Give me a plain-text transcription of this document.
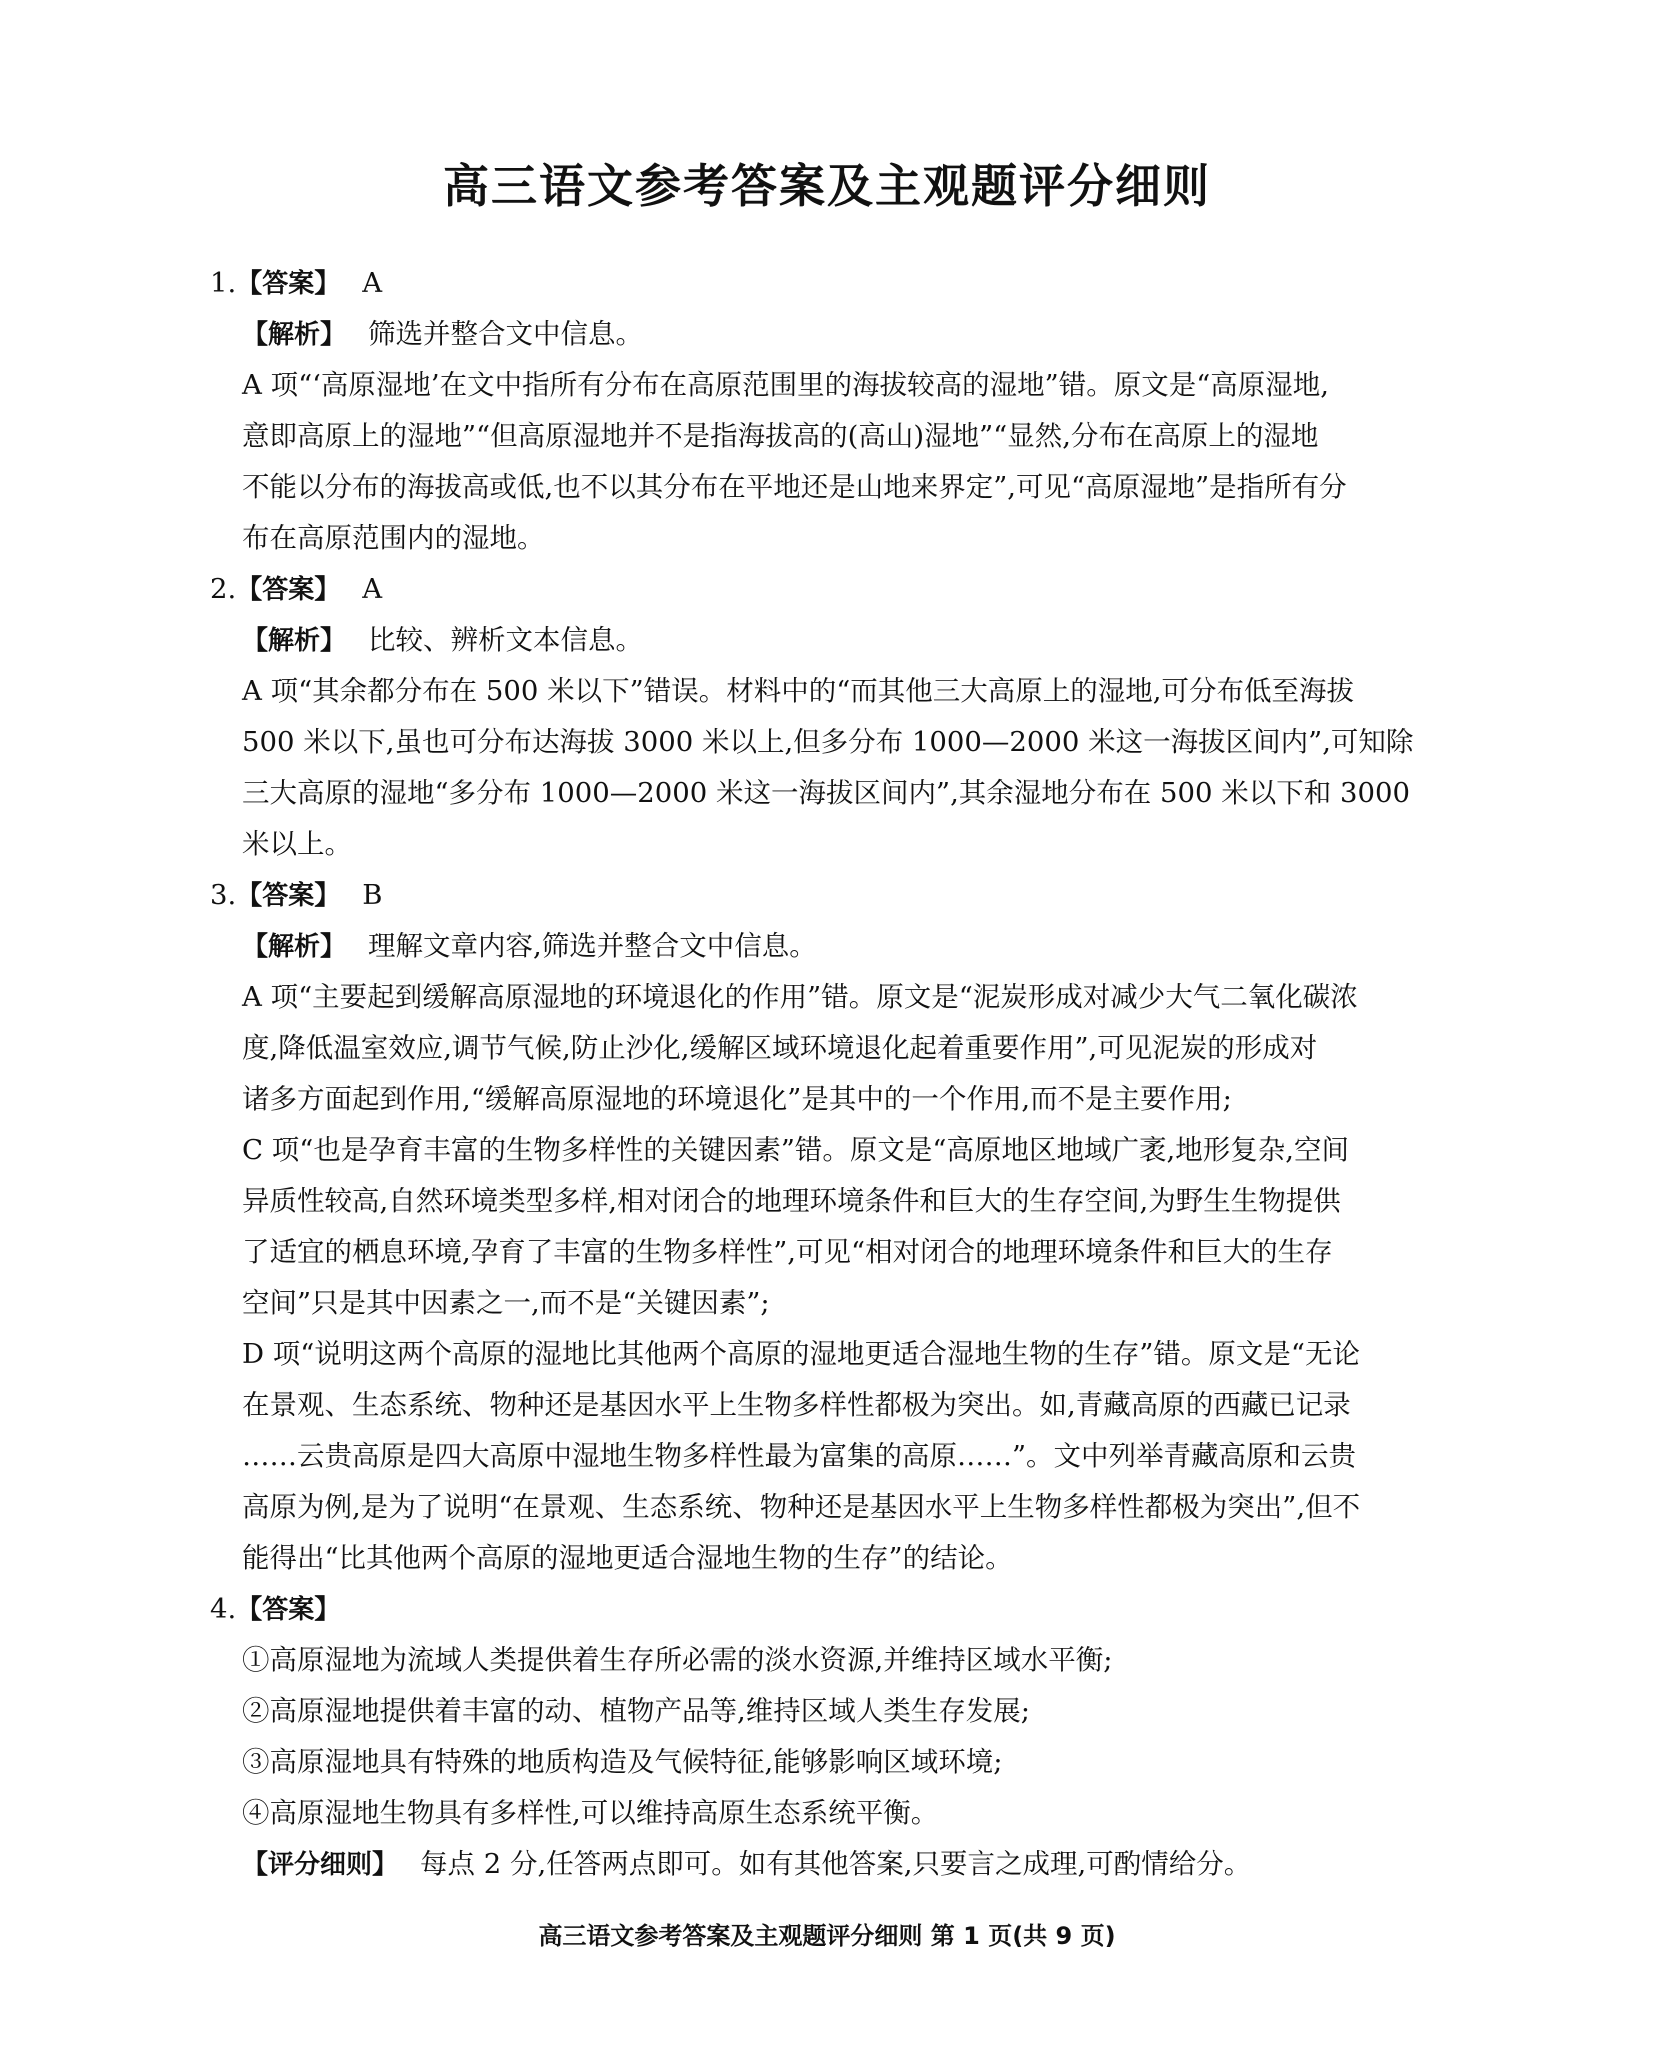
高三语文参考答案及主观题评分细则
1.【答案】 A
【解析】 筛选并整合文中信息。
A 项“‘高原湿地’在文中指所有分布在高原范围里的海拔较高的湿地”错。原文是“高原湿地,
意即高原上的湿地”“但高原湿地并不是指海拔高的(高山)湿地”“显然,分布在高原上的湿地
不能以分布的海拔高或低,也不以其分布在平地还是山地来界定”,可见“高原湿地”是指所有分
布在高原范围内的湿地。
2.【答案】 A
【解析】 比较、辨析文本信息。
A 项“其余都分布在 500 米以下”错误。材料中的“而其他三大高原上的湿地,可分布低至海拔
500 米以下,虽也可分布达海拔 3000 米以上,但多分布 1000—2000 米这一海拔区间内”,可知除
三大高原的湿地“多分布 1000—2000 米这一海拔区间内”,其余湿地分布在 500 米以下和 3000
米以上。
3.【答案】 B
【解析】 理解文章内容,筛选并整合文中信息。
A 项“主要起到缓解高原湿地的环境退化的作用”错。原文是“泥炭形成对减少大气二氧化碳浓
度,降低温室效应,调节气候,防止沙化,缓解区域环境退化起着重要作用”,可见泥炭的形成对
诸多方面起到作用,“缓解高原湿地的环境退化”是其中的一个作用,而不是主要作用;
C 项“也是孕育丰富的生物多样性的关键因素”错。原文是“高原地区地域广袤,地形复杂,空间
异质性较高,自然环境类型多样,相对闭合的地理环境条件和巨大的生存空间,为野生生物提供
了适宜的栖息环境,孕育了丰富的生物多样性”,可见“相对闭合的地理环境条件和巨大的生存
空间”只是其中因素之一,而不是“关键因素”;
D 项“说明这两个高原的湿地比其他两个高原的湿地更适合湿地生物的生存”错。原文是“无论
在景观、生态系统、物种还是基因水平上生物多样性都极为突出。如,青藏高原的西藏已记录
……云贵高原是四大高原中湿地生物多样性最为富集的高原……”。文中列举青藏高原和云贵
高原为例,是为了说明“在景观、生态系统、物种还是基因水平上生物多样性都极为突出”,但不
能得出“比其他两个高原的湿地更适合湿地生物的生存”的结论。
4.【答案】
①高原湿地为流域人类提供着生存所必需的淡水资源,并维持区域水平衡;
②高原湿地提供着丰富的动、植物产品等,维持区域人类生存发展;
③高原湿地具有特殊的地质构造及气候特征,能够影响区域环境;
④高原湿地生物具有多样性,可以维持高原生态系统平衡。
【评分细则】 每点 2 分,任答两点即可。如有其他答案,只要言之成理,可酌情给分。
高三语文参考答案及主观题评分细则 第 1 页(共 9 页)
